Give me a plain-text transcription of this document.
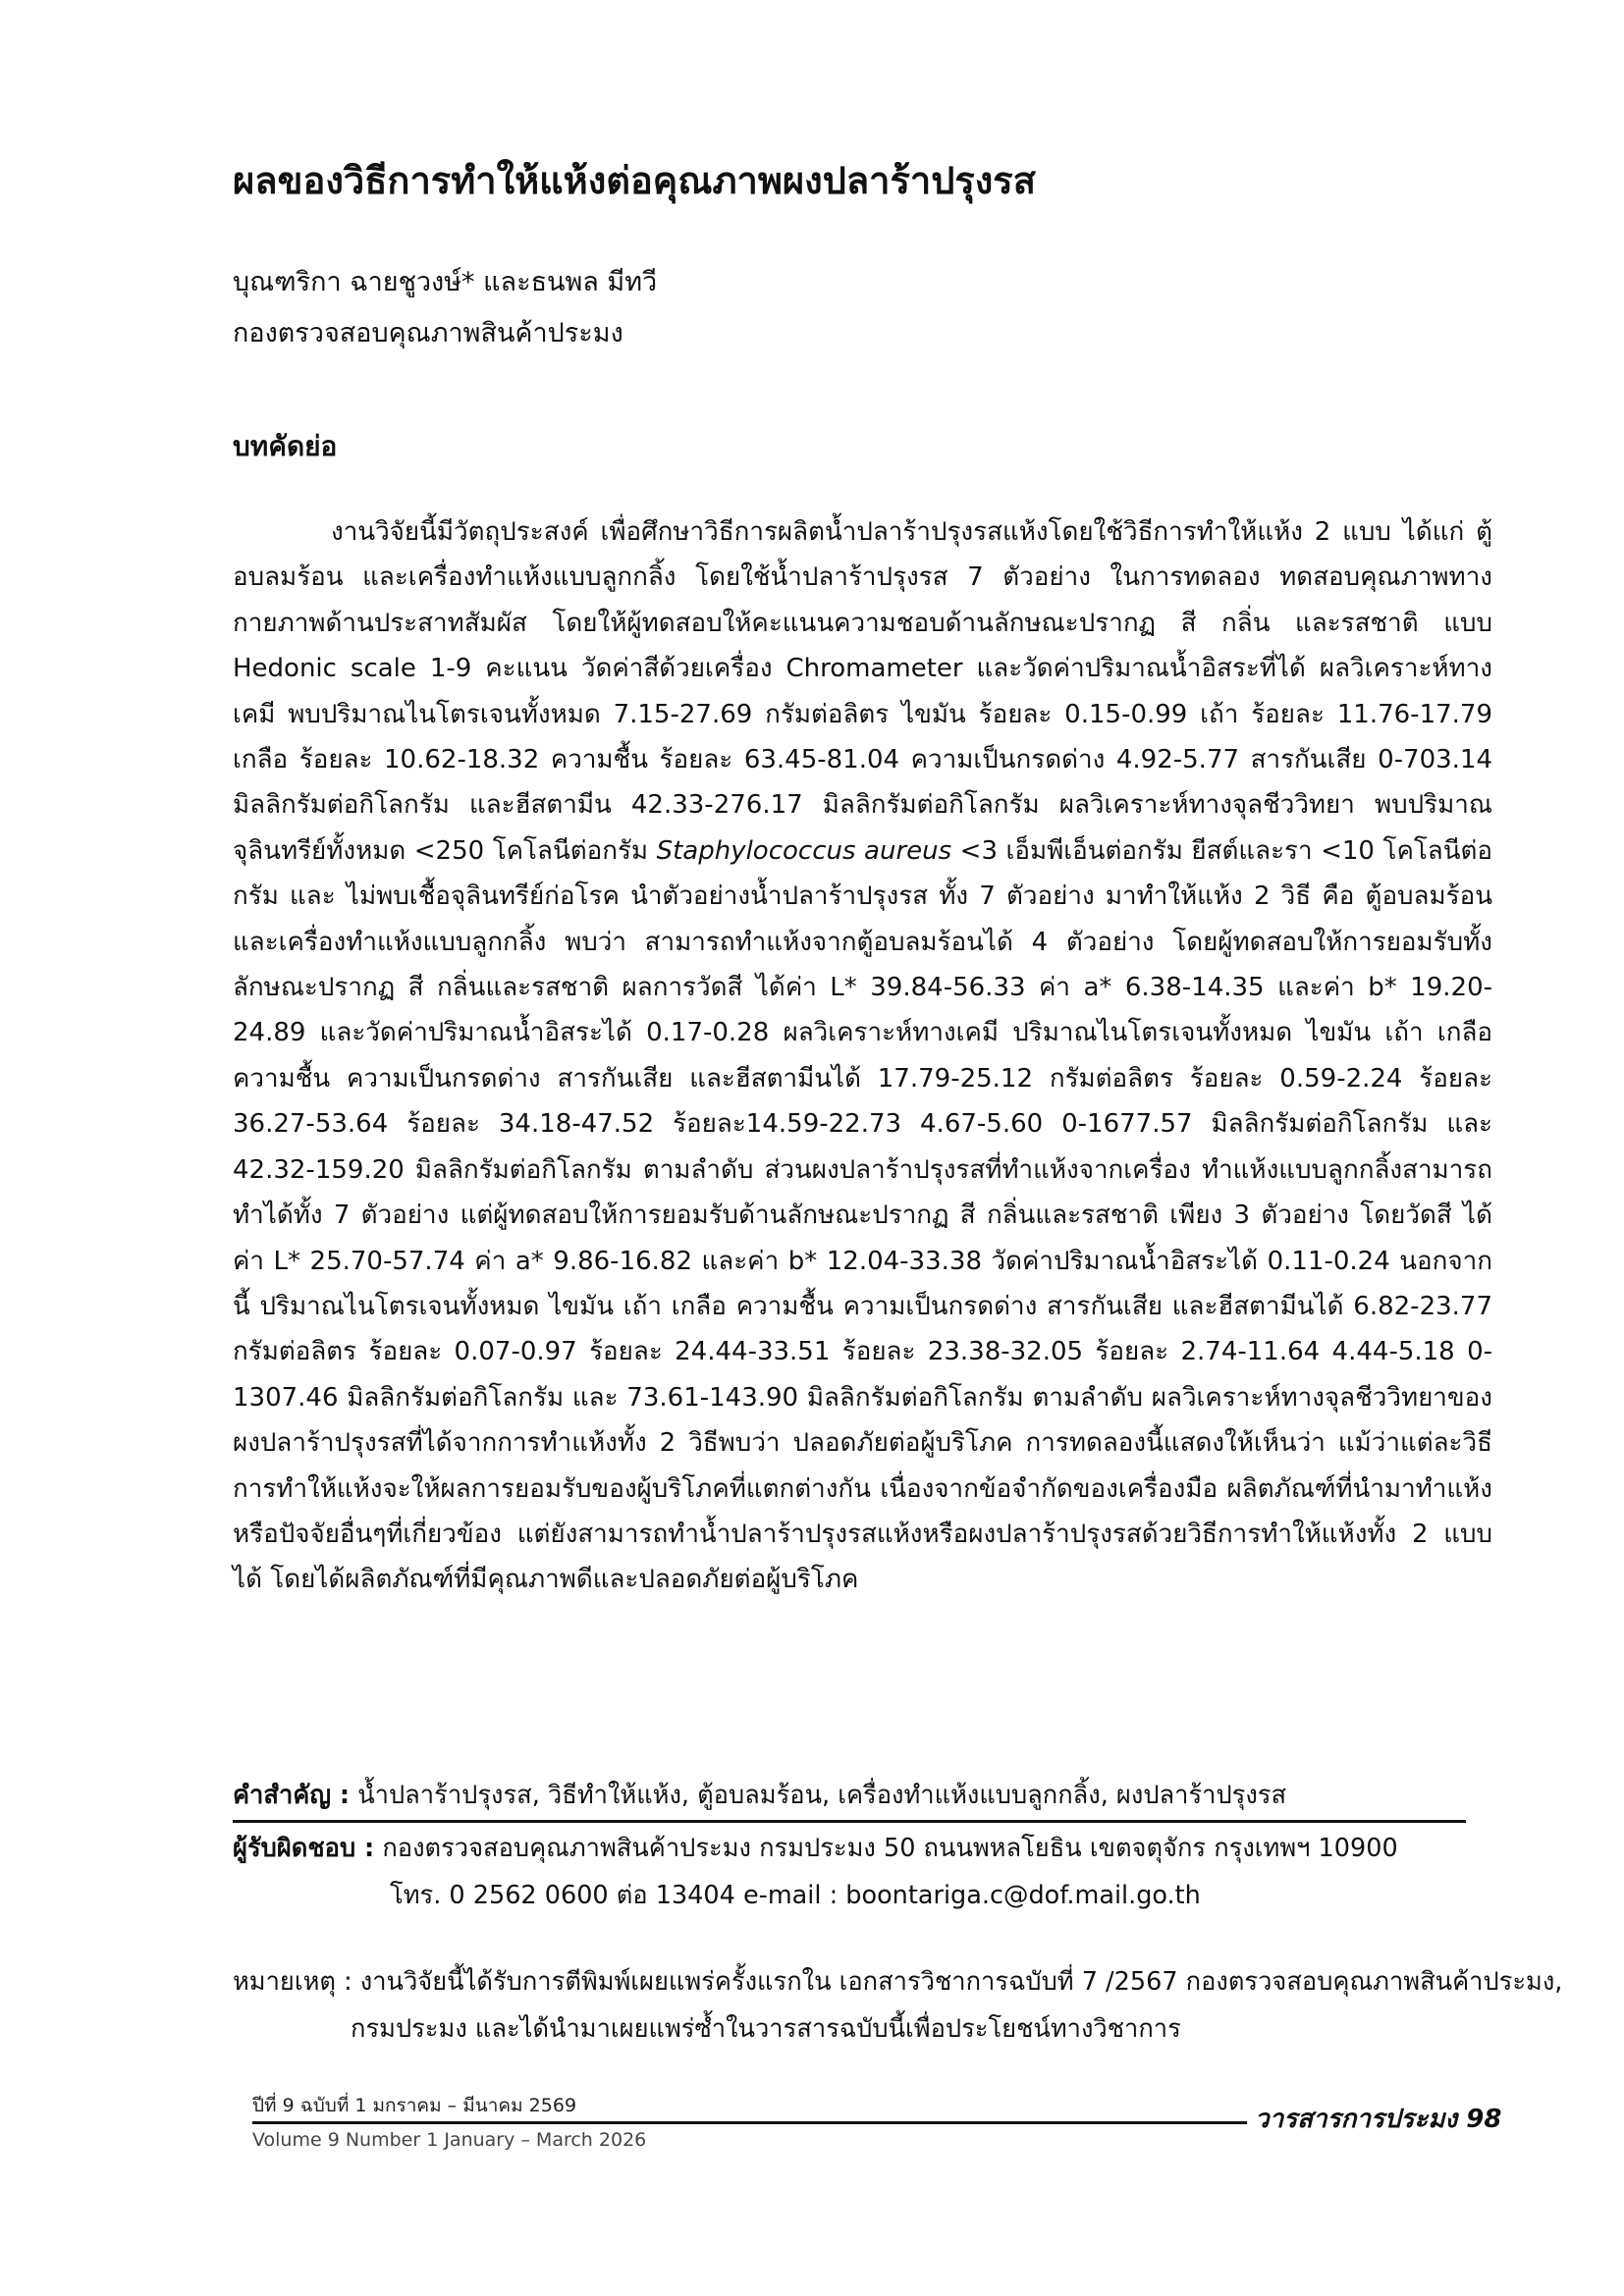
ผลของวิธีการทำให้แห้งต่อคุณภาพผงปลาร้าปรุงรส
บุณฑริกา ฉายชูวงษ์* และธนพล มีทวี
กองตรวจสอบคุณภาพสินค้าประมง
บทคัดย่อ

งานวิจัยนี้มีวัตถุประสงค์ เพื่อศึกษาวิธีการผลิตน้ำปลาร้าปรุงรสแห้งโดยใช้วิธีการทำให้แห้ง 2 แบบ ได้แก่ ตู้อบลมร้อน และเครื่องทำแห้งแบบลูกกลิ้ง โดยใช้น้ำปลาร้าปรุงรส 7 ตัวอย่าง ในการทดลอง ทดสอบคุณภาพทางกายภาพด้านประสาทสัมผัส โดยให้ผู้ทดสอบให้คะแนนความชอบด้านลักษณะปรากฏ สี กลิ่น และรสชาติ แบบ Hedonic scale 1-9 คะแนน วัดค่าสีด้วยเครื่อง Chromameter และวัดค่าปริมาณน้ำอิสระที่ได้ ผลวิเคราะห์ทางเคมี พบปริมาณไนโตรเจนทั้งหมด 7.15-27.69 กรัมต่อลิตร ไขมัน ร้อยละ 0.15-0.99 เถ้า ร้อยละ 11.76-17.79 เกลือ ร้อยละ 10.62-18.32 ความชื้น ร้อยละ 63.45-81.04 ความเป็นกรดด่าง 4.92-5.77 สารกันเสีย 0-703.14 มิลลิกรัมต่อกิโลกรัม และฮีสตามีน 42.33-276.17 มิลลิกรัมต่อกิโลกรัม ผลวิเคราะห์ทางจุลชีววิทยา พบปริมาณจุลินทรีย์ทั้งหมด <250 โคโลนีต่อกรัม Staphylococcus aureus <3 เอ็มพีเอ็นต่อกรัม ยีสต์และรา <10 โคโลนีต่อกรัม และ ไม่พบเชื้อจุลินทรีย์ก่อโรค นำตัวอย่างน้ำปลาร้าปรุงรส ทั้ง 7 ตัวอย่าง มาทำให้แห้ง 2 วิธี คือ ตู้อบลมร้อน และเครื่องทำแห้งแบบลูกกลิ้ง พบว่า สามารถทำแห้งจากตู้อบลมร้อนได้ 4 ตัวอย่าง โดยผู้ทดสอบให้การยอมรับทั้งลักษณะปรากฏ สี กลิ่นและรสชาติ ผลการวัดสี ได้ค่า L* 39.84-56.33 ค่า a* 6.38-14.35 และค่า b* 19.20-24.89 และวัดค่าปริมาณน้ำอิสระได้ 0.17-0.28 ผลวิเคราะห์ทางเคมี ปริมาณไนโตรเจนทั้งหมด ไขมัน เถ้า เกลือ ความชื้น ความเป็นกรดด่าง สารกันเสีย และฮีสตามีนได้ 17.79-25.12 กรัมต่อลิตร ร้อยละ 0.59-2.24 ร้อยละ 36.27-53.64 ร้อยละ 34.18-47.52 ร้อยละ14.59-22.73 4.67-5.60 0-1677.57 มิลลิกรัมต่อกิโลกรัม และ 42.32-159.20 มิลลิกรัมต่อกิโลกรัม ตามลำดับ ส่วนผงปลาร้าปรุงรสที่ทำแห้งจากเครื่อง ทำแห้งแบบลูกกลิ้งสามารถทำได้ทั้ง 7 ตัวอย่าง แต่ผู้ทดสอบให้การยอมรับด้านลักษณะปรากฏ สี กลิ่นและรสชาติ เพียง 3 ตัวอย่าง โดยวัดสี ได้ค่า L* 25.70-57.74 ค่า a* 9.86-16.82 และค่า b* 12.04-33.38 วัดค่าปริมาณน้ำอิสระได้ 0.11-0.24 นอกจากนี้ ปริมาณไนโตรเจนทั้งหมด ไขมัน เถ้า เกลือ ความชื้น ความเป็นกรดด่าง สารกันเสีย และฮีสตามีนได้ 6.82-23.77 กรัมต่อลิตร ร้อยละ 0.07-0.97 ร้อยละ 24.44-33.51 ร้อยละ 23.38-32.05 ร้อยละ 2.74-11.64 4.44-5.18 0-1307.46 มิลลิกรัมต่อกิโลกรัม และ 73.61-143.90 มิลลิกรัมต่อกิโลกรัม ตามลำดับ ผลวิเคราะห์ทางจุลชีววิทยาของผงปลาร้าปรุงรสที่ได้จากการทำแห้งทั้ง 2 วิธีพบว่า ปลอดภัยต่อผู้บริโภค การทดลองนี้แสดงให้เห็นว่า แม้ว่าแต่ละวิธีการทำให้แห้งจะให้ผลการยอมรับของผู้บริโภคที่แตกต่างกัน เนื่องจากข้อจำกัดของเครื่องมือ ผลิตภัณฑ์ที่นำมาทำแห้ง หรือปัจจัยอื่นๆที่เกี่ยวข้อง แต่ยังสามารถทำน้ำปลาร้าปรุงรสแห้งหรือผงปลาร้าปรุงรสด้วยวิธีการทำให้แห้งทั้ง 2 แบบได้ โดยได้ผลิตภัณฑ์ที่มีคุณภาพดีและปลอดภัยต่อผู้บริโภค

คำสำคัญ : น้ำปลาร้าปรุงรส, วิธีทำให้แห้ง, ตู้อบลมร้อน, เครื่องทำแห้งแบบลูกกลิ้ง, ผงปลาร้าปรุงรส
ผู้รับผิดชอบ : กองตรวจสอบคุณภาพสินค้าประมง กรมประมง 50 ถนนพหลโยธิน เขตจตุจักร กรุงเทพฯ 10900
โทร. 0 2562 0600 ต่อ 13404 e-mail : boontariga.c@dof.mail.go.th
หมายเหตุ : งานวิจัยนี้ได้รับการตีพิมพ์เผยแพร่ครั้งแรกใน เอกสารวิชาการฉบับที่ 7 /2567 กองตรวจสอบคุณภาพสินค้าประมง,
กรมประมง และได้นำมาเผยแพร่ซ้ำในวารสารฉบับนี้เพื่อประโยชน์ทางวิชาการ
ปีที่ 9 ฉบับที่ 1 มกราคม – มีนาคม 2569
Volume 9 Number 1 January – March 2026
วารสารการประมง 98
